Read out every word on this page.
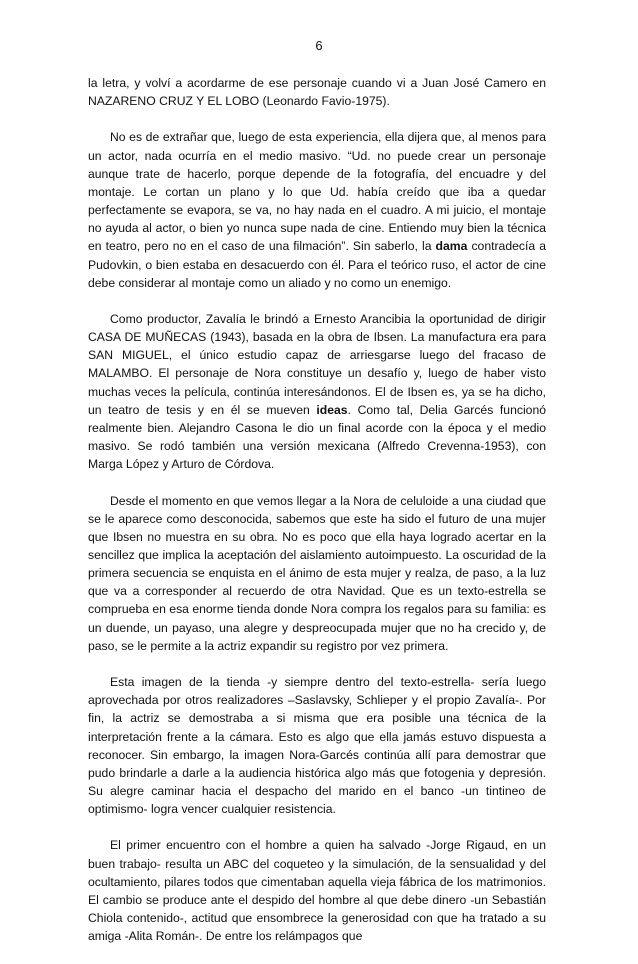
6

la letra, y volví a acordarme de ese personaje cuando vi a Juan José Camero en NAZARENO CRUZ Y EL LOBO (Leonardo Favio-1975).

No es de extrañar que, luego de esta experiencia, ella dijera que, al menos para un actor, nada ocurría en el medio masivo. “Ud. no puede crear un personaje aunque trate de hacerlo, porque depende de la fotografía, del encuadre y del montaje. Le cortan un plano y lo que Ud. había creído que iba a quedar perfectamente se evapora, se va, no hay nada en el cuadro. A mi juicio, el montaje no ayuda al actor, o bien yo nunca supe nada de cine. Entiendo muy bien la técnica en teatro, pero no en el caso de una filmación”. Sin saberlo, la dama contradecía a Pudovkin, o bien estaba en desacuerdo con él. Para el teórico ruso, el actor de cine debe considerar al montaje como un aliado y no como un enemigo.

Como productor, Zavalía le brindó a Ernesto Arancibia la oportunidad de dirigir CASA DE MUÑECAS (1943), basada en la obra de Ibsen. La manufactura era para SAN MIGUEL, el único estudio capaz de arriesgarse luego del fracaso de MALAMBO. El personaje de Nora constituye un desafío y, luego de haber visto muchas veces la película, continúa interesándonos. El de Ibsen es, ya se ha dicho, un teatro de tesis y en él se mueven ideas. Como tal, Delia Garcés funcionó realmente bien. Alejandro Casona le dio un final acorde con la época y el medio masivo. Se rodó también una versión mexicana (Alfredo Crevenna-1953), con Marga López y Arturo de Córdova.

Desde el momento en que vemos llegar a la Nora de celuloide a una ciudad que se le aparece como desconocida, sabemos que este ha sido el futuro de una mujer que Ibsen no muestra en su obra. No es poco que ella haya logrado acertar en la sencillez que implica la aceptación del aislamiento autoimpuesto. La oscuridad de la primera secuencia se enquista en el ánimo de esta mujer y realza, de paso, a la luz que va a corresponder al recuerdo de otra Navidad. Que es un texto-estrella se comprueba en esa enorme tienda donde Nora compra los regalos para su familia: es un duende, un payaso, una alegre y despreocupada mujer que no ha crecido y, de paso, se le permite a la actriz expandir su registro por vez primera.

Esta imagen de la tienda -y siempre dentro del texto-estrella- sería luego aprovechada por otros realizadores –Saslavsky, Schlieper y el propio Zavalía-. Por fin, la actriz se demostraba a si misma que era posible una técnica de la interpretación frente a la cámara. Esto es algo que ella jamás estuvo dispuesta a reconocer. Sin embargo, la imagen Nora-Garcés continúa allí para demostrar que pudo brindarle a darle a la audiencia histórica algo más que fotogenia y depresión. Su alegre caminar hacia el despacho del marido en el banco -un tintineo de optimismo- logra vencer cualquier resistencia.

El primer encuentro con el hombre a quien ha salvado -Jorge Rigaud, en un buen trabajo- resulta un ABC del coqueteo y la simulación, de la sensualidad y del ocultamiento, pilares todos que cimentaban aquella vieja fábrica de los matrimonios. El cambio se produce ante el despido del hombre al que debe dinero -un Sebastián Chiola contenido-, actitud que ensombrece la generosidad con que ha tratado a su amiga -Alita Román-. De entre los relámpagos que
